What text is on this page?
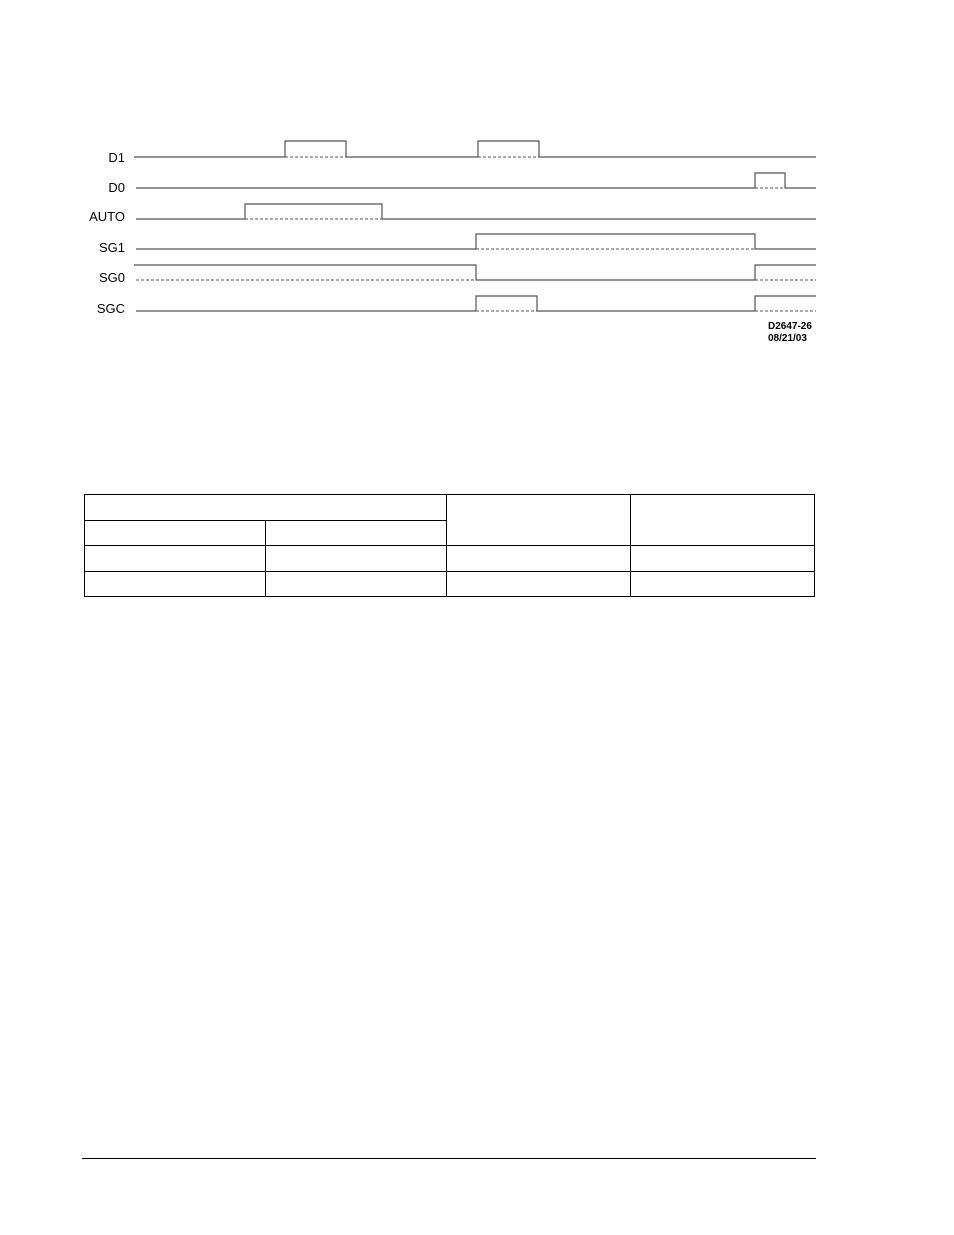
D1
D0
AUTO
SG1
SG0
SGC
D2647-26
08/21/03
